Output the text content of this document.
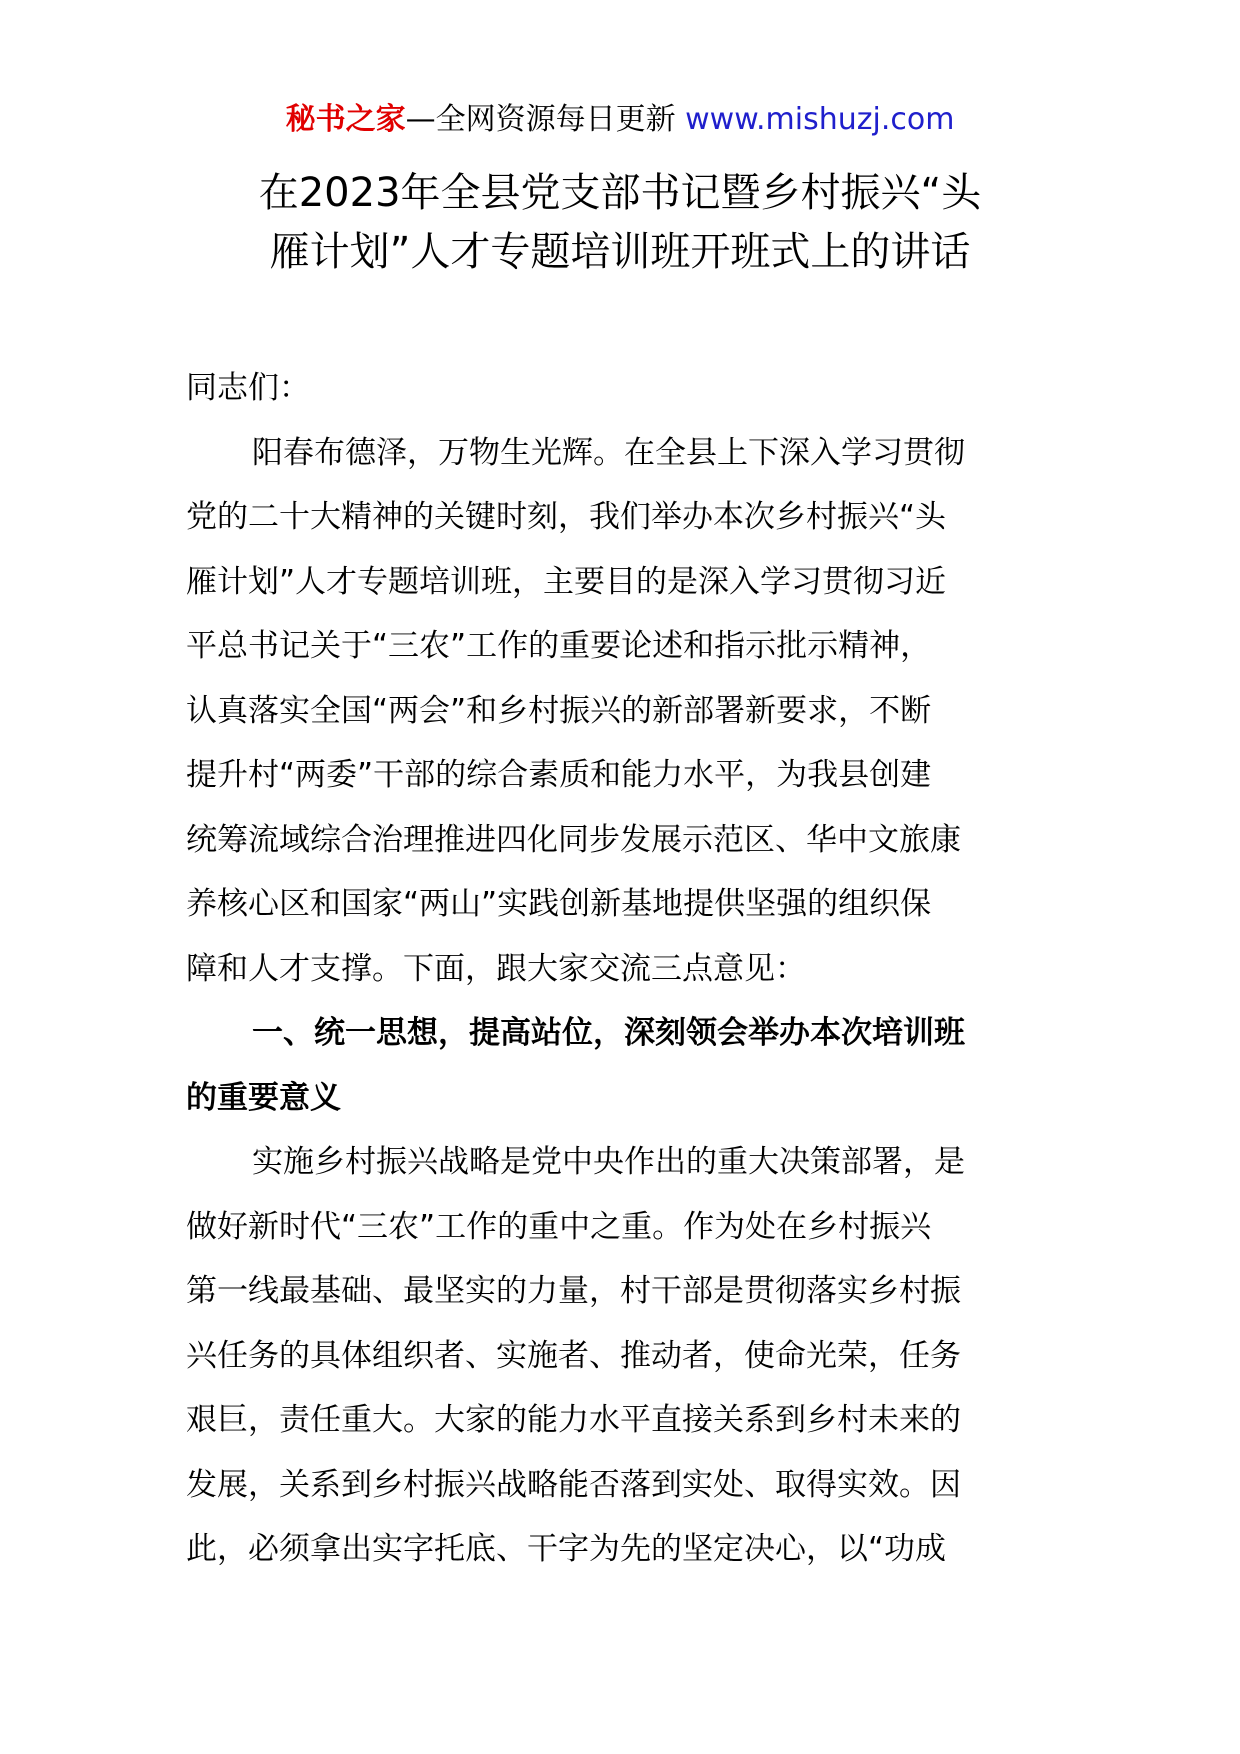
秘书之家—全网资源每日更新 www.mishuzj.com
在2023年全县党支部书记暨乡村振兴“头
雁计划”人才专题培训班开班式上的讲话
同志们：
阳春布德泽，万物生光辉。在全县上下深入学习贯彻
党的二十大精神的关键时刻，我们举办本次乡村振兴“头
雁计划”人才专题培训班，主要目的是深入学习贯彻习近
平总书记关于“三农”工作的重要论述和指示批示精神，
认真落实全国“两会”和乡村振兴的新部署新要求，不断
提升村“两委”干部的综合素质和能力水平，为我县创建
统筹流域综合治理推进四化同步发展示范区、华中文旅康
养核心区和国家“两山”实践创新基地提供坚强的组织保
障和人才支撑。下面，跟大家交流三点意见：
一、统一思想，提高站位，深刻领会举办本次培训班
的重要意义
实施乡村振兴战略是党中央作出的重大决策部署，是
做好新时代“三农”工作的重中之重。作为处在乡村振兴
第一线最基础、最坚实的力量，村干部是贯彻落实乡村振
兴任务的具体组织者、实施者、推动者，使命光荣，任务
艰巨，责任重大。大家的能力水平直接关系到乡村未来的
发展，关系到乡村振兴战略能否落到实处、取得实效。因
此，必须拿出实字托底、干字为先的坚定决心，以“功成
